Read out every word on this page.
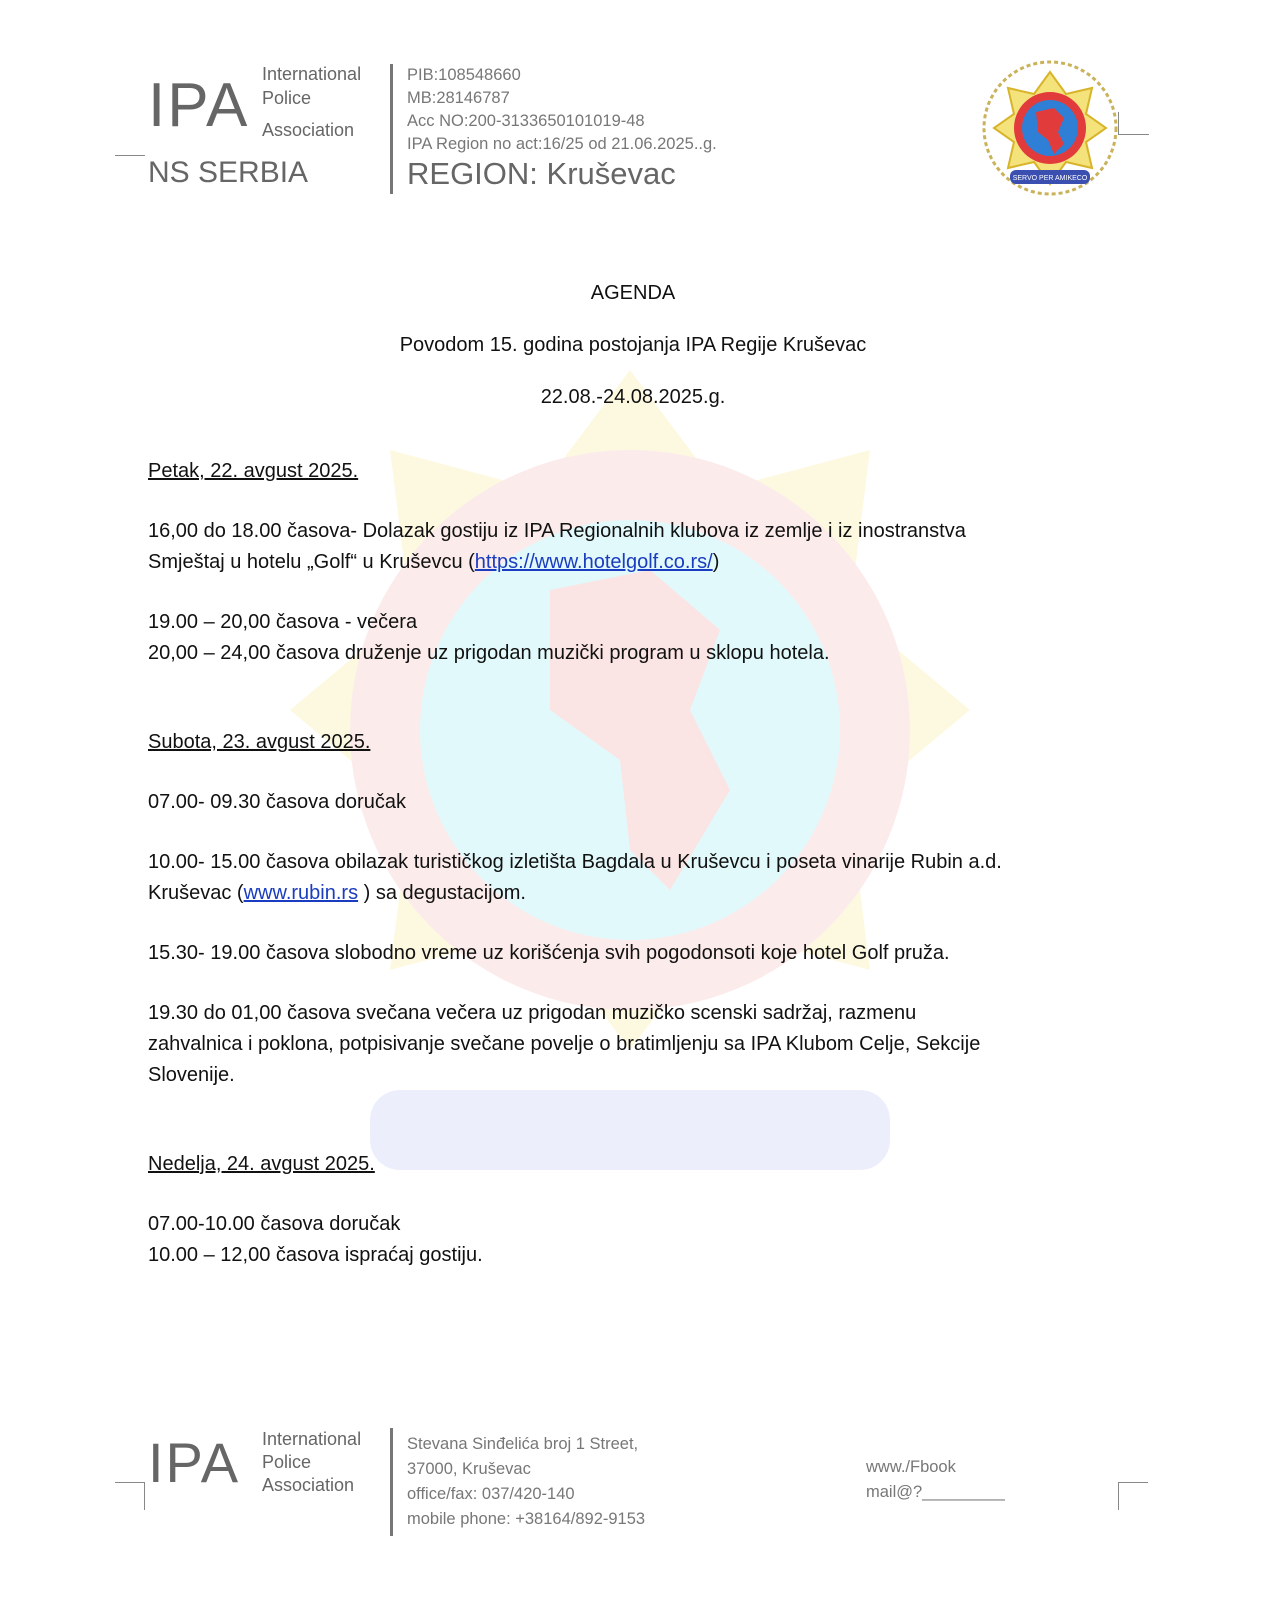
IPA International
Police
Association
NS SERBIA
PIB:108548660
MB:28146787
Acc NO:200-3133650101019-48
IPA Region no act:16/25 od 21.06.2025..g.
REGION: Kruševac	SERVO PER AMIKECO
AGENDA
Povodom 15. godina postojanja IPA Regije Kruševac
22.08.-24.08.2025.g.

Petak, 22. avgust 2025.

16,00 do 18.00 časova- Dolazak gostiju iz IPA Regionalnih klubova iz zemlje i iz inostranstva

Smještaj u hotelu „Golf“ u Kruševcu (https://www.hotelgolf.co.rs/)

19.00 – 20,00 časova - večera

20,00 – 24,00 časova druženje uz prigodan muzički program u sklopu hotela.

Subota, 23. avgust 2025.

07.00- 09.30 časova doručak

10.00- 15.00 časova obilazak turističkog izletišta Bagdala u Kruševcu i poseta vinarije Rubin a.d.

Kruševac (www.rubin.rs ) sa degustacijom.

15.30- 19.00 časova slobodno vreme uz korišćenja svih pogodonsoti koje hotel Golf pruža.

19.30 do 01,00 časova svečana večera uz prigodan muzičko scenski sadržaj, razmenu

zahvalnica i poklona, potpisivanje svečane povelje o bratimljenju sa IPA Klubom Celje, Sekcije

Slovenije.

Nedelja, 24. avgust 2025.

07.00-10.00 časova doručak

10.00 – 12,00 časova ispraćaj gostiju.

IPA International
Police
Association
Stevana Sinđelića broj 1 Street,
37000, Kruševac
office/fax: 037/420-140
mobile phone: +38164/892-9153
www./Fbook
mail@?_________
